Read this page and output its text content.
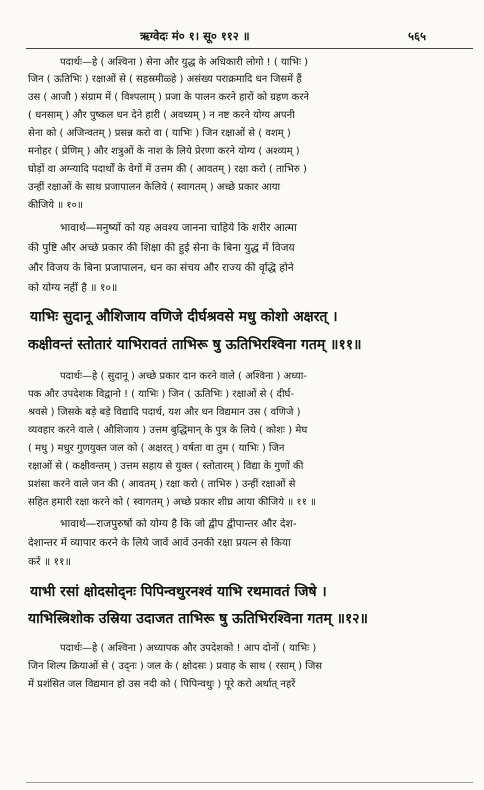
ऋग्वेदः मं० १। सू० ११२ ॥	५६५
पदार्थः—हे ( अश्विना ) सेना और युद्ध के अधिकारी लोगो ! ( याभिः )
जिन ( ऊतिभिः ) रक्षाओं से ( सहस्रमीळ्हे ) असंख्य पराक्रमादि धन जिसमें हैं
उस ( आजौ ) संग्राम में ( विश्पलाम् ) प्रजा के पालन करने हारों को ग्रहण करने
( धनसाम् ) और पुष्कल धन देने हारी ( अवध्यम् ) न नष्ट करने योग्य अपनी
सेना को ( अजिन्वतम् ) प्रसन्न करो वा ( याभिः ) जिन रक्षाओं से ( वशम् )
मनोहर ( प्रेणिम् ) और शत्रुओं के नाश के लिये प्रेरणा करने योग्य ( अश्व्यम् )
घोड़ों वा अग्न्यादि पदार्थों के वेगों में उत्तम की ( आवतम् ) रक्षा करो ( ताभिरु )
उन्हीं रक्षाओं के साथ प्रजापालन केलिये ( स्वागतम् ) अच्छे प्रकार आया
कीजिये ॥ १०॥
भावार्थ—मनुष्यों को यह अवश्य जानना चाहिये कि शरीर आत्मा
की पुष्टि और अच्छे प्रकार की शिक्षा की हुई सेना के बिना युद्ध में विजय
और विजय के बिना प्रजापालन, धन का संचय और राज्य की वृद्धि होने
को योग्य नहीं है ॥ १०॥
याभिः सुदानू औशिजाय वणिजे दीर्घश्रवसे मधु कोशो अक्षरत् ।
कक्षीवन्तं स्तोतारं याभिरावतं ताभिरू षु ऊतिभिरश्विना गतम् ॥११॥
पदार्थः—हे ( सुदानू ) अच्छे प्रकार दान करने वाले ( अश्विना ) अध्या-
पक और उपदेशक विद्वानो ! ( याभिः ) जिन ( ऊतिभिः ) रक्षाओं से ( दीर्घ-
श्रवसे ) जिसके बड़े बड़े विद्यादि पदार्थ, यश और धन विद्यमान उस ( वणिजे )
व्यवहार करने वाले ( औशिजाय ) उत्तम बुद्धिमान् के पुत्र के लिये ( कोशः ) मेघ
( मधु ) मधुर गुणयुक्त जल को ( अक्षरत् ) वर्षता वा तुम ( याभिः ) जिन
रक्षाओं से ( कक्षीवन्तम् ) उत्तम सहाय से युक्त ( स्तोतारम् ) विद्या के गुणों की
प्रशंसा करने वाले जन की ( आवतम् ) रक्षा करो ( ताभिरु ) उन्हीं रक्षाओं से
सहित हमारी रक्षा करने को ( स्वागतम् ) अच्छे प्रकार शीघ्र आया कीजिये ॥ ११ ॥
भावार्थ—राजपुरुषों को योग्य है कि जो द्वीप द्वीपान्तर और देश-
देशान्तर में व्यापार करने के लिये जावें आवें उनकी रक्षा प्रयत्न से किया
करें ॥ ११॥
याभी रसां क्षोदसोद्नः पिपिन्वथुरनश्वं याभि रथमावतं जिषे ।
याभिस्त्रिशोक उस्रिया उदाजत ताभिरू षु ऊतिभिरश्विना गतम् ॥१२॥
पदार्थः—हे ( अश्विना ) अध्यापक और उपदेशको ! आप दोनों ( याभिः )
जिन शिल्प क्रियाओं से ( उद्नः ) जल के ( क्षोदसः ) प्रवाह के साथ ( रसाम् ) जिस
में प्रशंसित जल विद्यमान हो उस नदी को ( पिपिन्वथुः ) पूरे करो अर्थात् नहरें
